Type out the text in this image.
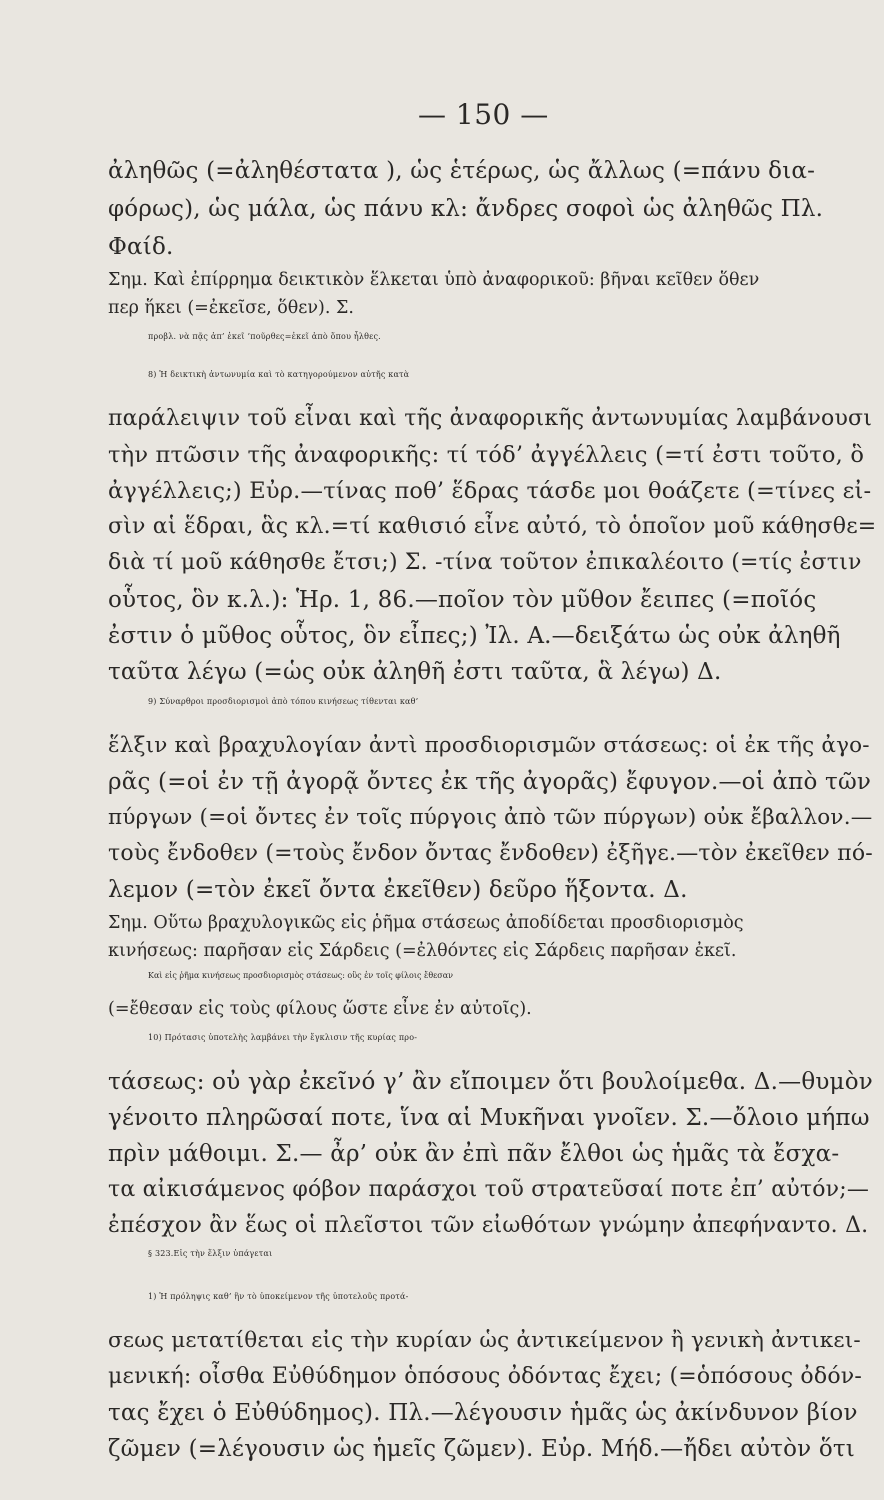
— 150 —
ἀληθῶς (=ἀληθέστατα ), ὡς ἑτέρως, ὡς ἄλλως (=πάνυ δια-
φόρως), ὡς μάλα, ὡς πάνυ κλ: ἄνδρες σοφοὶ ὡς ἀληθῶς Πλ.
Φαίδ.
Σημ. Καὶ ἐπίρρημα δεικτικὸν ἕλκεται ὑπὸ ἀναφορικοῦ: βῆναι κεῖθεν ὅθεν
περ ἥκει (=ἐκεῖσε, ὅθεν). Σ.
προβλ. νὰ πᾷς ἀπ’ ἐκεῖ ’ποῦρθες=ἐκεῖ ἀπὸ ὅπου ἦλθες.
8) Ἡ δεικτικὴ ἀντωνυμία καὶ τὸ κατηγορούμενον αὐτῆς κατὰ
παράλειψιν τοῦ εἶναι καὶ τῆς ἀναφορικῆς ἀντωνυμίας λαμβάνουσι
τὴν πτῶσιν τῆς ἀναφορικῆς: τί τόδ’ ἀγγέλλεις (=τί ἐστι τοῦτο, ὃ
ἀγγέλλεις;) Εὐρ.—τίνας ποθ’ ἕδρας τάσδε μοι θοάζετε (=τίνες εἰ-
σὶν αἱ ἕδραι, ἃς κλ.=τί καθισιό εἶνε αὐτό, τὸ ὁποῖον μοῦ κάθησθε=
διὰ τί μοῦ κάθησθε ἔτσι;) Σ. -τίνα τοῦτον ἐπικαλέοιτο (=τίς ἐστιν
οὗτος, ὃν κ.λ.): Ἡρ. 1, 86.—ποῖον τὸν μῦθον ἔειπες (=ποῖός
ἐστιν ὁ μῦθος οὗτος, ὃν εἶπες;) Ἰλ. Α.—δειξάτω ὡς οὐκ ἀληθῆ
ταῦτα λέγω (=ὡς οὐκ ἀληθῆ ἐστι ταῦτα, ἃ λέγω) Δ.
9) Σύναρθροι προσδιορισμοὶ ἀπὸ τόπου κινήσεως τίθενται καθ’
ἕλξιν καὶ βραχυλογίαν ἀντὶ προσδιορισμῶν στάσεως: οἱ ἐκ τῆς ἀγο-
ρᾶς (=οἱ ἐν τῇ ἀγορᾷ ὄντες ἐκ τῆς ἀγορᾶς) ἔφυγον.—οἱ ἀπὸ τῶν
πύργων (=οἱ ὄντες ἐν τοῖς πύργοις ἀπὸ τῶν πύργων) οὐκ ἔβαλλον.—
τοὺς ἔνδοθεν (=τοὺς ἔνδον ὄντας ἔνδοθεν) ἐξῆγε.—τὸν ἐκεῖθεν πό-
λεμον (=τὸν ἐκεῖ ὄντα ἐκεῖθεν) δεῦρο ἥξοντα. Δ.
Σημ. Οὕτω βραχυλογικῶς εἰς ῥῆμα στάσεως ἀποδίδεται προσδιορισμὸς
κινήσεως: παρῆσαν εἰς Σάρδεις (=ἐλθόντες εἰς Σάρδεις παρῆσαν ἐκεῖ.
Καὶ εἰς ῥῆμα κινήσεως προσδιορισμὸς στάσεως: οὓς ἐν τοῖς φίλοις ἔθεσαν
(=ἔθεσαν εἰς τοὺς φίλους ὥστε εἶνε ἐν αὐτοῖς).
10) Πρότασις ὑποτελὴς λαμβάνει τὴν ἔγκλισιν τῆς κυρίας προ-
τάσεως: οὐ γὰρ ἐκεῖνό γ’ ἂν εἴποιμεν ὅτι βουλοίμεθα. Δ.—θυμὸν
γένοιτο πληρῶσαί ποτε, ἵνα αἱ Μυκῆναι γνοῖεν. Σ.—ὄλοιο μήπω
πρὶν μάθοιμι. Σ.— ἆρ’ οὐκ ἂν ἐπὶ πᾶν ἔλθοι ὡς ἡμᾶς τὰ ἔσχα-
τα αἰκισάμενος φόβον παράσχοι τοῦ στρατεῦσαί ποτε ἐπ’ αὐτόν;—
ἐπέσχον ἂν ἕως οἱ πλεῖστοι τῶν εἰωθότων γνώμην ἀπεφήναντο. Δ.
§ 323.Εἰς τὴν ἕλξιν ὑπάγεται
1) Ἡ πρόληψις καθ’ ἣν τὸ ὑποκείμενον τῆς ὑποτελοῦς προτά-
σεως μετατίθεται εἰς τὴν κυρίαν ὡς ἀντικείμενον ἢ γενικὴ ἀντικει-
μενική: οἶσθα Εὐθύδημον ὁπόσους ὀδόντας ἔχει; (=ὁπόσους ὀδόν-
τας ἔχει ὁ Εὐθύδημος). Πλ.—λέγουσιν ἡμᾶς ὡς ἀκίνδυνον βίον
ζῶμεν (=λέγουσιν ὡς ἡμεῖς ζῶμεν). Εὐρ. Μήδ.—ἤδει αὐτὸν ὅτι
